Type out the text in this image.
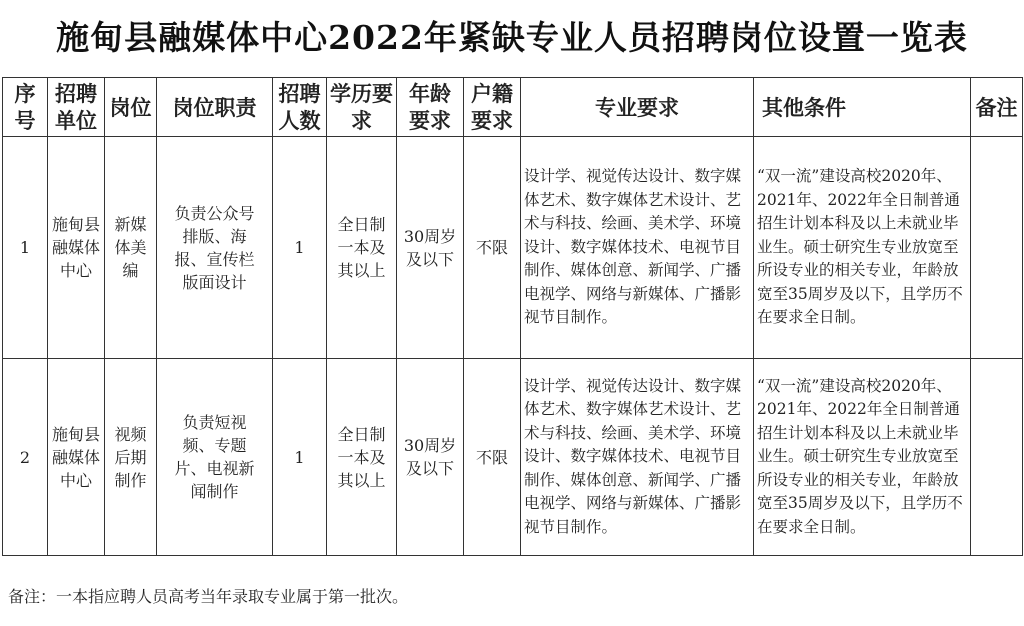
施甸县融媒体中心2022年紧缺专业人员招聘岗位设置一览表
序号	招聘单位	岗位	岗位职责	招聘人数	学历要求	年龄要求	户籍要求	专业要求	其他条件	备注
1	施甸县融媒体中心	新媒体美编	负责公众号排版、海报、宣传栏版面设计	1	全日制一本及其以上	30周岁及以下	不限	设计学、视觉传达设计、数字媒体艺术、数字媒体艺术设计、艺术与科技、绘画、美术学、环境设计、数字媒体技术、电视节目制作、媒体创意、新闻学、广播电视学、网络与新媒体、广播影视节目制作。	“双一流”建设高校2020年、2021年、2022年全日制普通招生计划本科及以上未就业毕业生。硕士研究生专业放宽至所设专业的相关专业，年龄放宽至35周岁及以下，且学历不在要求全日制。	
2	施甸县融媒体中心	视频后期制作	负责短视频、专题片、电视新闻制作	1	全日制一本及其以上	30周岁及以下	不限	设计学、视觉传达设计、数字媒体艺术、数字媒体艺术设计、艺术与科技、绘画、美术学、环境设计、数字媒体技术、电视节目制作、媒体创意、新闻学、广播电视学、网络与新媒体、广播影视节目制作。	“双一流”建设高校2020年、2021年、2022年全日制普通招生计划本科及以上未就业毕业生。硕士研究生专业放宽至所设专业的相关专业，年龄放宽至35周岁及以下，且学历不在要求全日制。	
备注：一本指应聘人员高考当年录取专业属于第一批次。
